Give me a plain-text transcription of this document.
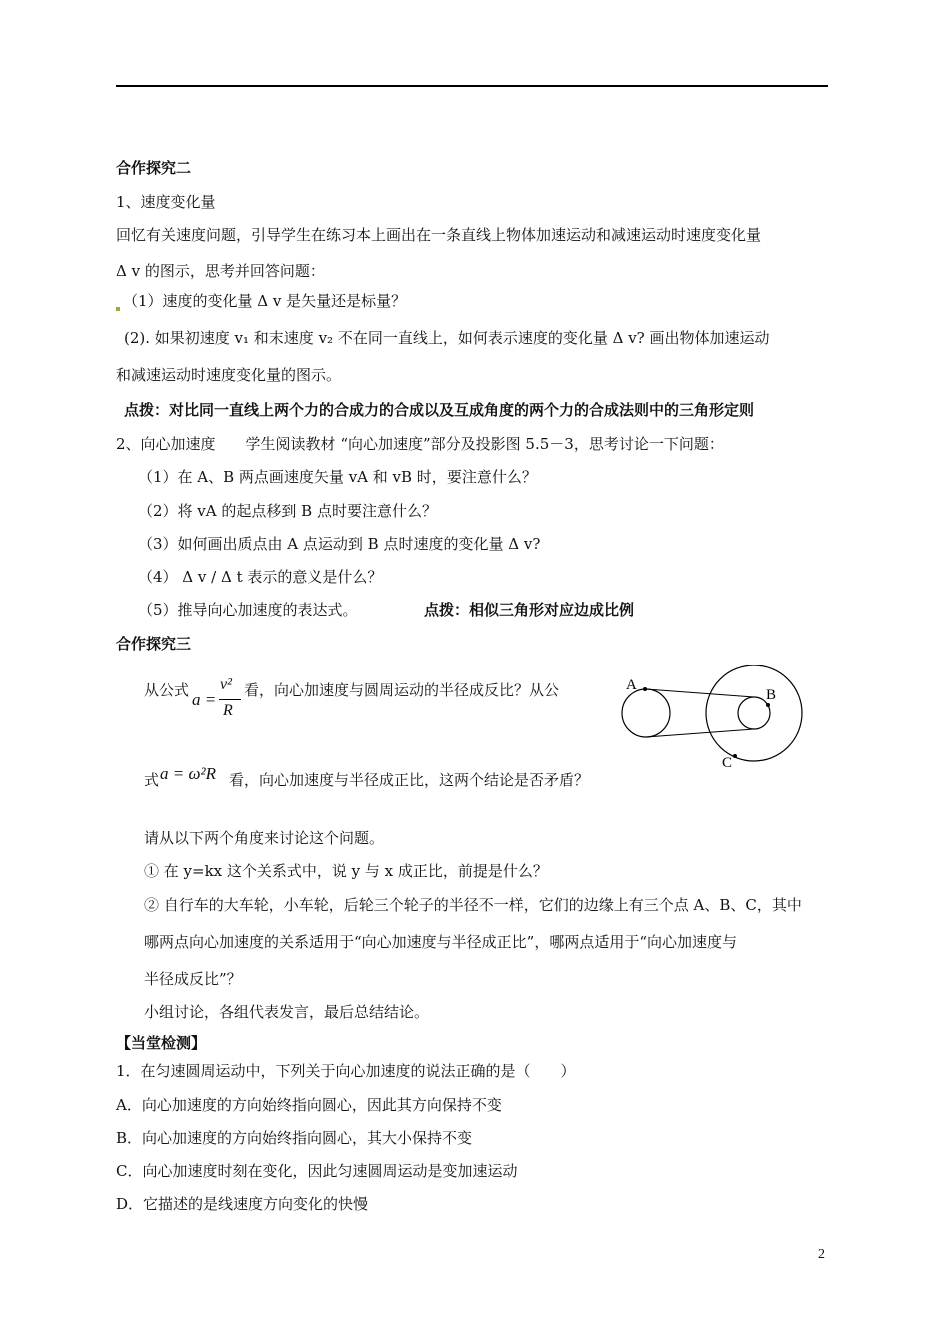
合作探究二
1、速度变化量
回忆有关速度问题，引导学生在练习本上画出在一条直线上物体加速运动和减速运动时速度变化量
Δ v 的图示，思考并回答问题：
（1）速度的变化量 Δ v 是矢量还是标量？
(2). 如果初速度 v₁ 和末速度 v₂ 不在同一直线上，如何表示速度的变化量 Δ v? 画出物体加速运动
和减速运动时速度变化量的图示。
点拨：对比同一直线上两个力的合成力的合成以及互成角度的两个力的合成法则中的三角形定则
2、向心加速度　　学生阅读教材 “向心加速度”部分及投影图 5.5－3，思考讨论一下问题：
（1）在 A、B 两点画速度矢量 vA 和 vB 时，要注意什么？
（2）将 vA 的起点移到 B 点时要注意什么？
（3）如何画出质点由 A 点运动到 B 点时速度的变化量 Δ v?
（4） Δ v / Δ t 表示的意义是什么？
（5）推导向心加速度的表达式。	点拨：相似三角形对应边成比例
合作探究三
从公式 a =
v²
R
看，向心加速度与圆周运动的半径成反比？从公
式 a = ω²R 看，向心加速度与半径成正比，这两个结论是否矛盾？
A
B
C
请从以下两个角度来讨论这个问题。
① 在 y=kx 这个关系式中，说 y 与 x 成正比，前提是什么？
② 自行车的大车轮，小车轮，后轮三个轮子的半径不一样，它们的边缘上有三个点 A、B、C，其中
哪两点向心加速度的关系适用于“向心加速度与半径成正比”，哪两点适用于“向心加速度与
半径成反比”？
小组讨论，各组代表发言，最后总结结论。
【当堂检测】
1．在匀速圆周运动中，下列关于向心加速度的说法正确的是（　　）
A．向心加速度的方向始终指向圆心，因此其方向保持不变
B．向心加速度的方向始终指向圆心，其大小保持不变
C．向心加速度时刻在变化，因此匀速圆周运动是变加速运动
D．它描述的是线速度方向变化的快慢
2
